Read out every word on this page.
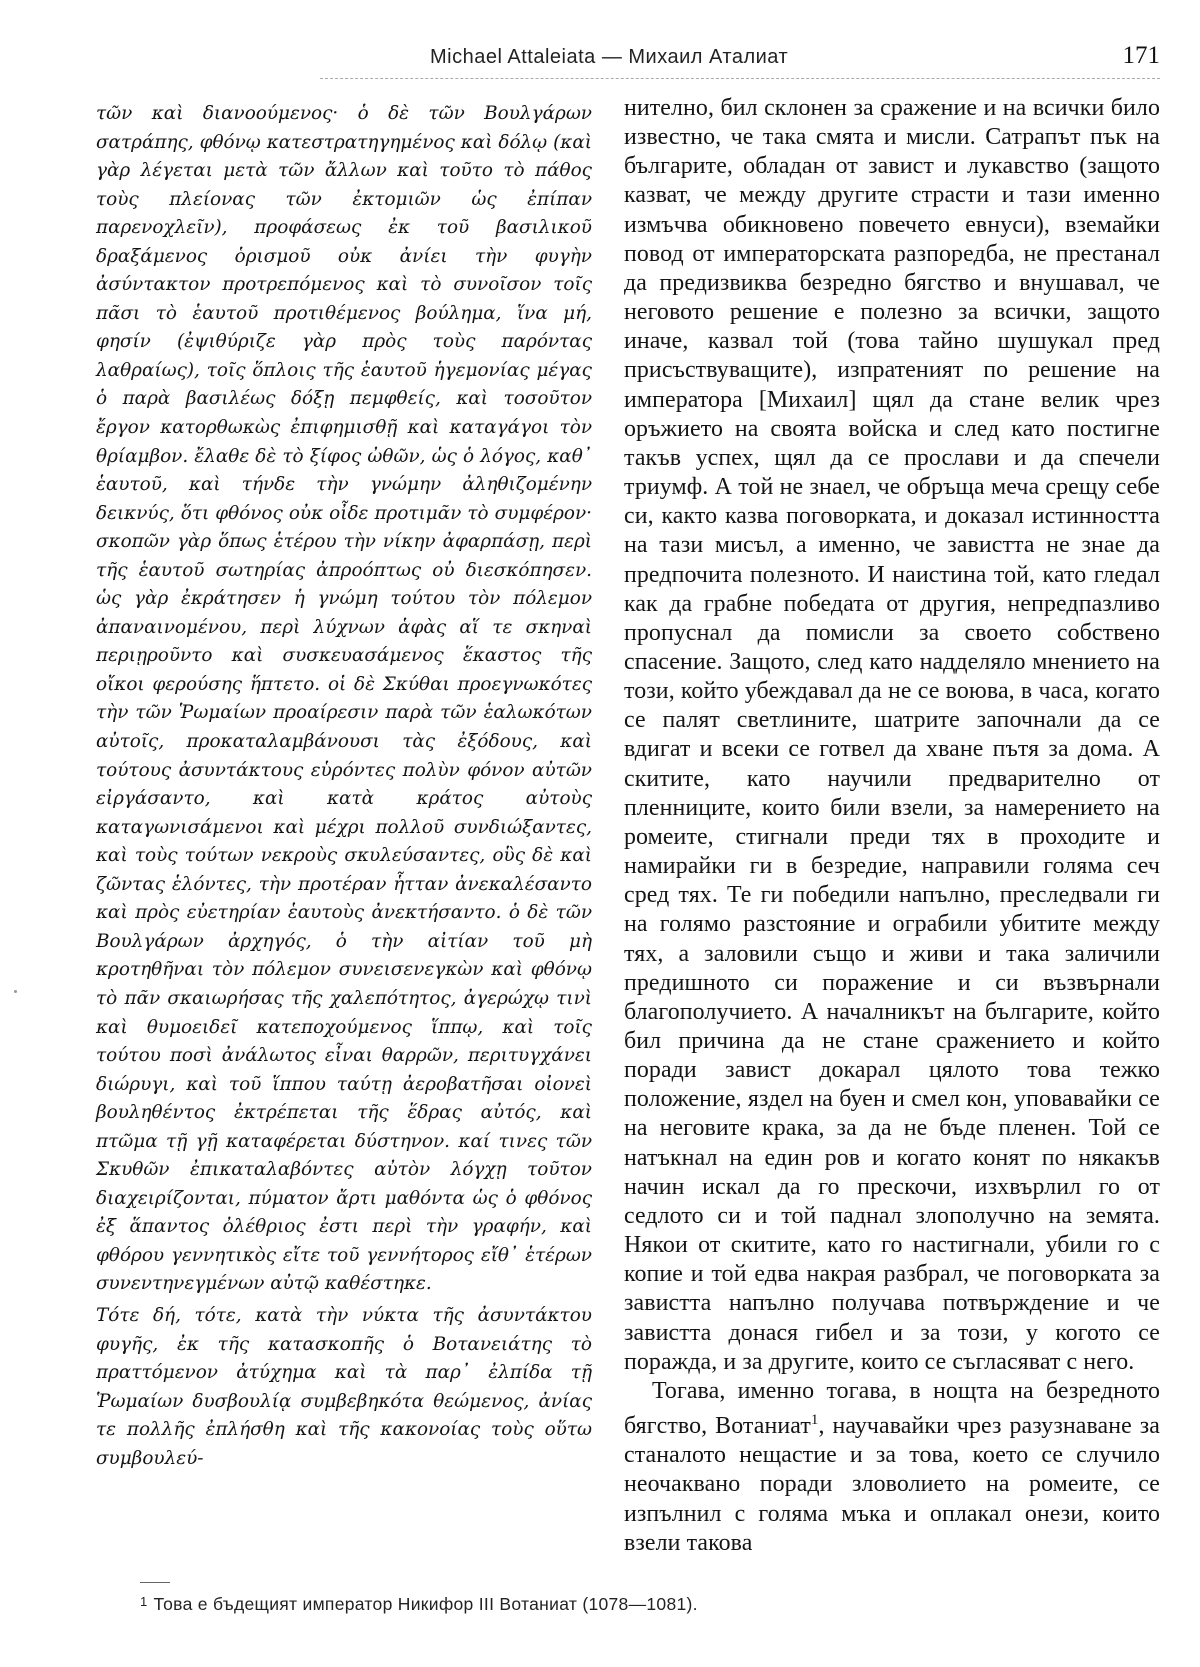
Michael Attaleiata — Михаил Аталиат	171
τῶν καὶ διανοούμενος· ὁ δὲ τῶν Βουλγάρων σατράπης, φθόνῳ κατεστρατηγημένος καὶ δόλῳ (καὶ γὰρ λέγεται μετὰ τῶν ἄλλων καὶ τοῦτο τὸ πάθος τοὺς πλείονας τῶν ἐκτομιῶν ὡς ἐπίπαν παρενοχλεῖν), προφάσεως ἐκ τοῦ βασιλικοῦ δραξάμενος ὁρισμοῦ οὐκ ἀνίει τὴν φυγὴν ἀσύντακτον προτρεπόμενος καὶ τὸ συνοῖσον τοῖς πᾶσι τὸ ἑαυτοῦ προτιθέμενος βούλημα, ἵνα μή, φησίν (ἐψιθύριζε γὰρ πρὸς τοὺς παρόντας λαθραίως), τοῖς ὅπλοις τῆς ἑαυτοῦ ἡγεμονίας μέγας ὁ παρὰ βασιλέως δόξῃ πεμφθείς, καὶ τοσοῦτον ἔργον κατορθωκὼς ἐπιφημισθῇ καὶ καταγάγοι τὸν θρίαμβον. ἔλαθε δὲ τὸ ξίφος ὠθῶν, ὡς ὁ λόγος, καθ᾿ ἑαυτοῦ, καὶ τήνδε τὴν γνώμην ἀληθιζομένην δεικνύς, ὅτι φθόνος οὐκ οἶδε προτιμᾶν τὸ συμφέρον· σκοπῶν γὰρ ὅπως ἑτέρου τὴν νίκην ἀφαρπάσῃ, περὶ τῆς ἑαυτοῦ σωτηρίας ἀπροόπτως οὐ διεσκόπησεν. ὡς γὰρ ἐκράτησεν ἡ γνώμη τούτου τὸν πόλεμον ἀπαναινομένου, περὶ λύχνων ἁφὰς αἵ τε σκηναὶ περιῃροῦντο καὶ συσκευασάμενος ἕκαστος τῆς οἴκοι φερούσης ἥπτετο. οἱ δὲ Σκύθαι προεγνωκότες τὴν τῶν Ῥωμαίων προαίρεσιν παρὰ τῶν ἑαλωκότων αὐτοῖς, προκαταλαμβάνουσι τὰς ἐξόδους, καὶ τούτους ἀσυντάκτους εὑρόντες πολὺν φόνον αὐτῶν εἰργάσαντο, καὶ κατὰ κράτος αὐτοὺς καταγωνισάμενοι καὶ μέχρι πολλοῦ συνδιώξαντες, καὶ τοὺς τούτων νεκροὺς σκυλεύσαντες, οὓς δὲ καὶ ζῶντας ἑλόντες, τὴν προτέραν ἧτταν ἀνεκαλέσαντο καὶ πρὸς εὐετηρίαν ἑαυτοὺς ἀνεκτήσαντο. ὁ δὲ τῶν Βουλγάρων ἀρχηγός, ὁ τὴν αἰτίαν τοῦ μὴ κροτηθῆναι τὸν πόλεμον συνεισενεγκὼν καὶ φθόνῳ τὸ πᾶν σκαιωρήσας τῆς χαλεπότητος, ἀγερώχῳ τινὶ καὶ θυμοειδεῖ κατεποχούμενος ἵππῳ, καὶ τοῖς τούτου ποσὶ ἀνάλωτος εἶναι θαρρῶν, περιτυγχάνει διώρυγι, καὶ τοῦ ἵππου ταύτῃ ἀεροβατῆσαι οἰονεὶ βουληθέντος ἐκτρέπεται τῆς ἕδρας αὐτός, καὶ πτῶμα τῇ γῇ καταφέρεται δύστηνον. καί τινες τῶν Σκυθῶν ἐπικαταλαβόντες αὐτὸν λόγχῃ τοῦτον διαχειρίζονται, πύματον ἄρτι μαθόντα ὡς ὁ φθόνος ἐξ ἅπαντος ὀλέθριος ἐστι περὶ τὴν γραφήν, καὶ φθόρου γεννητικὸς εἴτε τοῦ γεννήτορος εἴθ᾿ ἑτέρων συνεντηνεγμένων αὐτῷ καθέστηκε.
Τότε δή, τότε, κατὰ τὴν νύκτα τῆς ἀσυντάκτου φυγῆς, ἐκ τῆς κατασκοπῆς ὁ Βοτανειάτης τὸ πραττόμενον ἀτύχημα καὶ τὰ παρ᾿ ἐλπίδα τῇ Ῥωμαίων δυσβουλίᾳ συμβεβηκότα θεώμενος, ἀνίας τε πολλῆς ἐπλήσθη καὶ τῆς κακονοίας τοὺς οὕτω συμβουλεύ-

нително, бил склонен за сражение и на всички било известно, че така смята и мисли. Сатрапът пък на българите, обладан от завист и лукавство (защото казват, че между другите страсти и тази именно измъчва обикновено повечето евнуси), вземайки повод от императорската разпоредба, не престанал да предизвиква безредно бягство и внушавал, че неговото решение е полезно за всички, защото иначе, казвал той (това тайно шушукал пред присъствуващите), изпратеният по решение на императора [Михаил] щял да стане велик чрез оръжието на своята войска и след като постигне такъв успех, щял да се прослави и да спечели триумф. А той не знаел, че обръща меча срещу себе си, както казва поговорката, и доказал истинността на тази мисъл, а именно, че завистта не знае да предпочита полезното. И наистина той, като гледал как да грабне победата от другия, непредпазливо пропуснал да помисли за своето собствено спасение. Защото, след като надделяло мнението на този, който убеждавал да не се воюва, в часа, когато се палят светлините, шатрите започнали да се вдигат и всеки се готвел да хване пътя за дома. А скитите, като научили предварително от пленниците, които били взели, за намерението на ромеите, стигнали преди тях в проходите и намирайки ги в безредие, направили голяма сеч сред тях. Те ги победили напълно, преследвали ги на голямо разстояние и ограбили убитите между тях, а заловили също и живи и така заличили предишното си поражение и си възвърнали благополучието. А началникът на българите, който бил причина да не стане сражението и който поради завист докарал цялото това тежко положение, яздел на буен и смел кон, уповавайки се на неговите крака, за да не бъде пленен. Той се натъкнал на един ров и когато конят по някакъв начин искал да го прескочи, изхвърлил го от седлото си и той паднал злополучно на земята. Някои от скитите, като го настигнали, убили го с копие и той едва накрая разбрал, че поговорката за завистта напълно получава потвърждение и че завистта донася гибел и за този, у когото се поражда, и за другите, които се съгласяват с него.

Тогава, именно тогава, в нощта на безредното бягство, Вотаниат$^1$, научавайки чрез разузнаване за станалото нещастие и за това, което се случило неочаквано поради зловолието на ромеите, се изпълнил с голяма мъка и оплакал онези, които взели такова

$^1$ Това е бъдещият император Никифор III Вотаниат (1078—1081).
